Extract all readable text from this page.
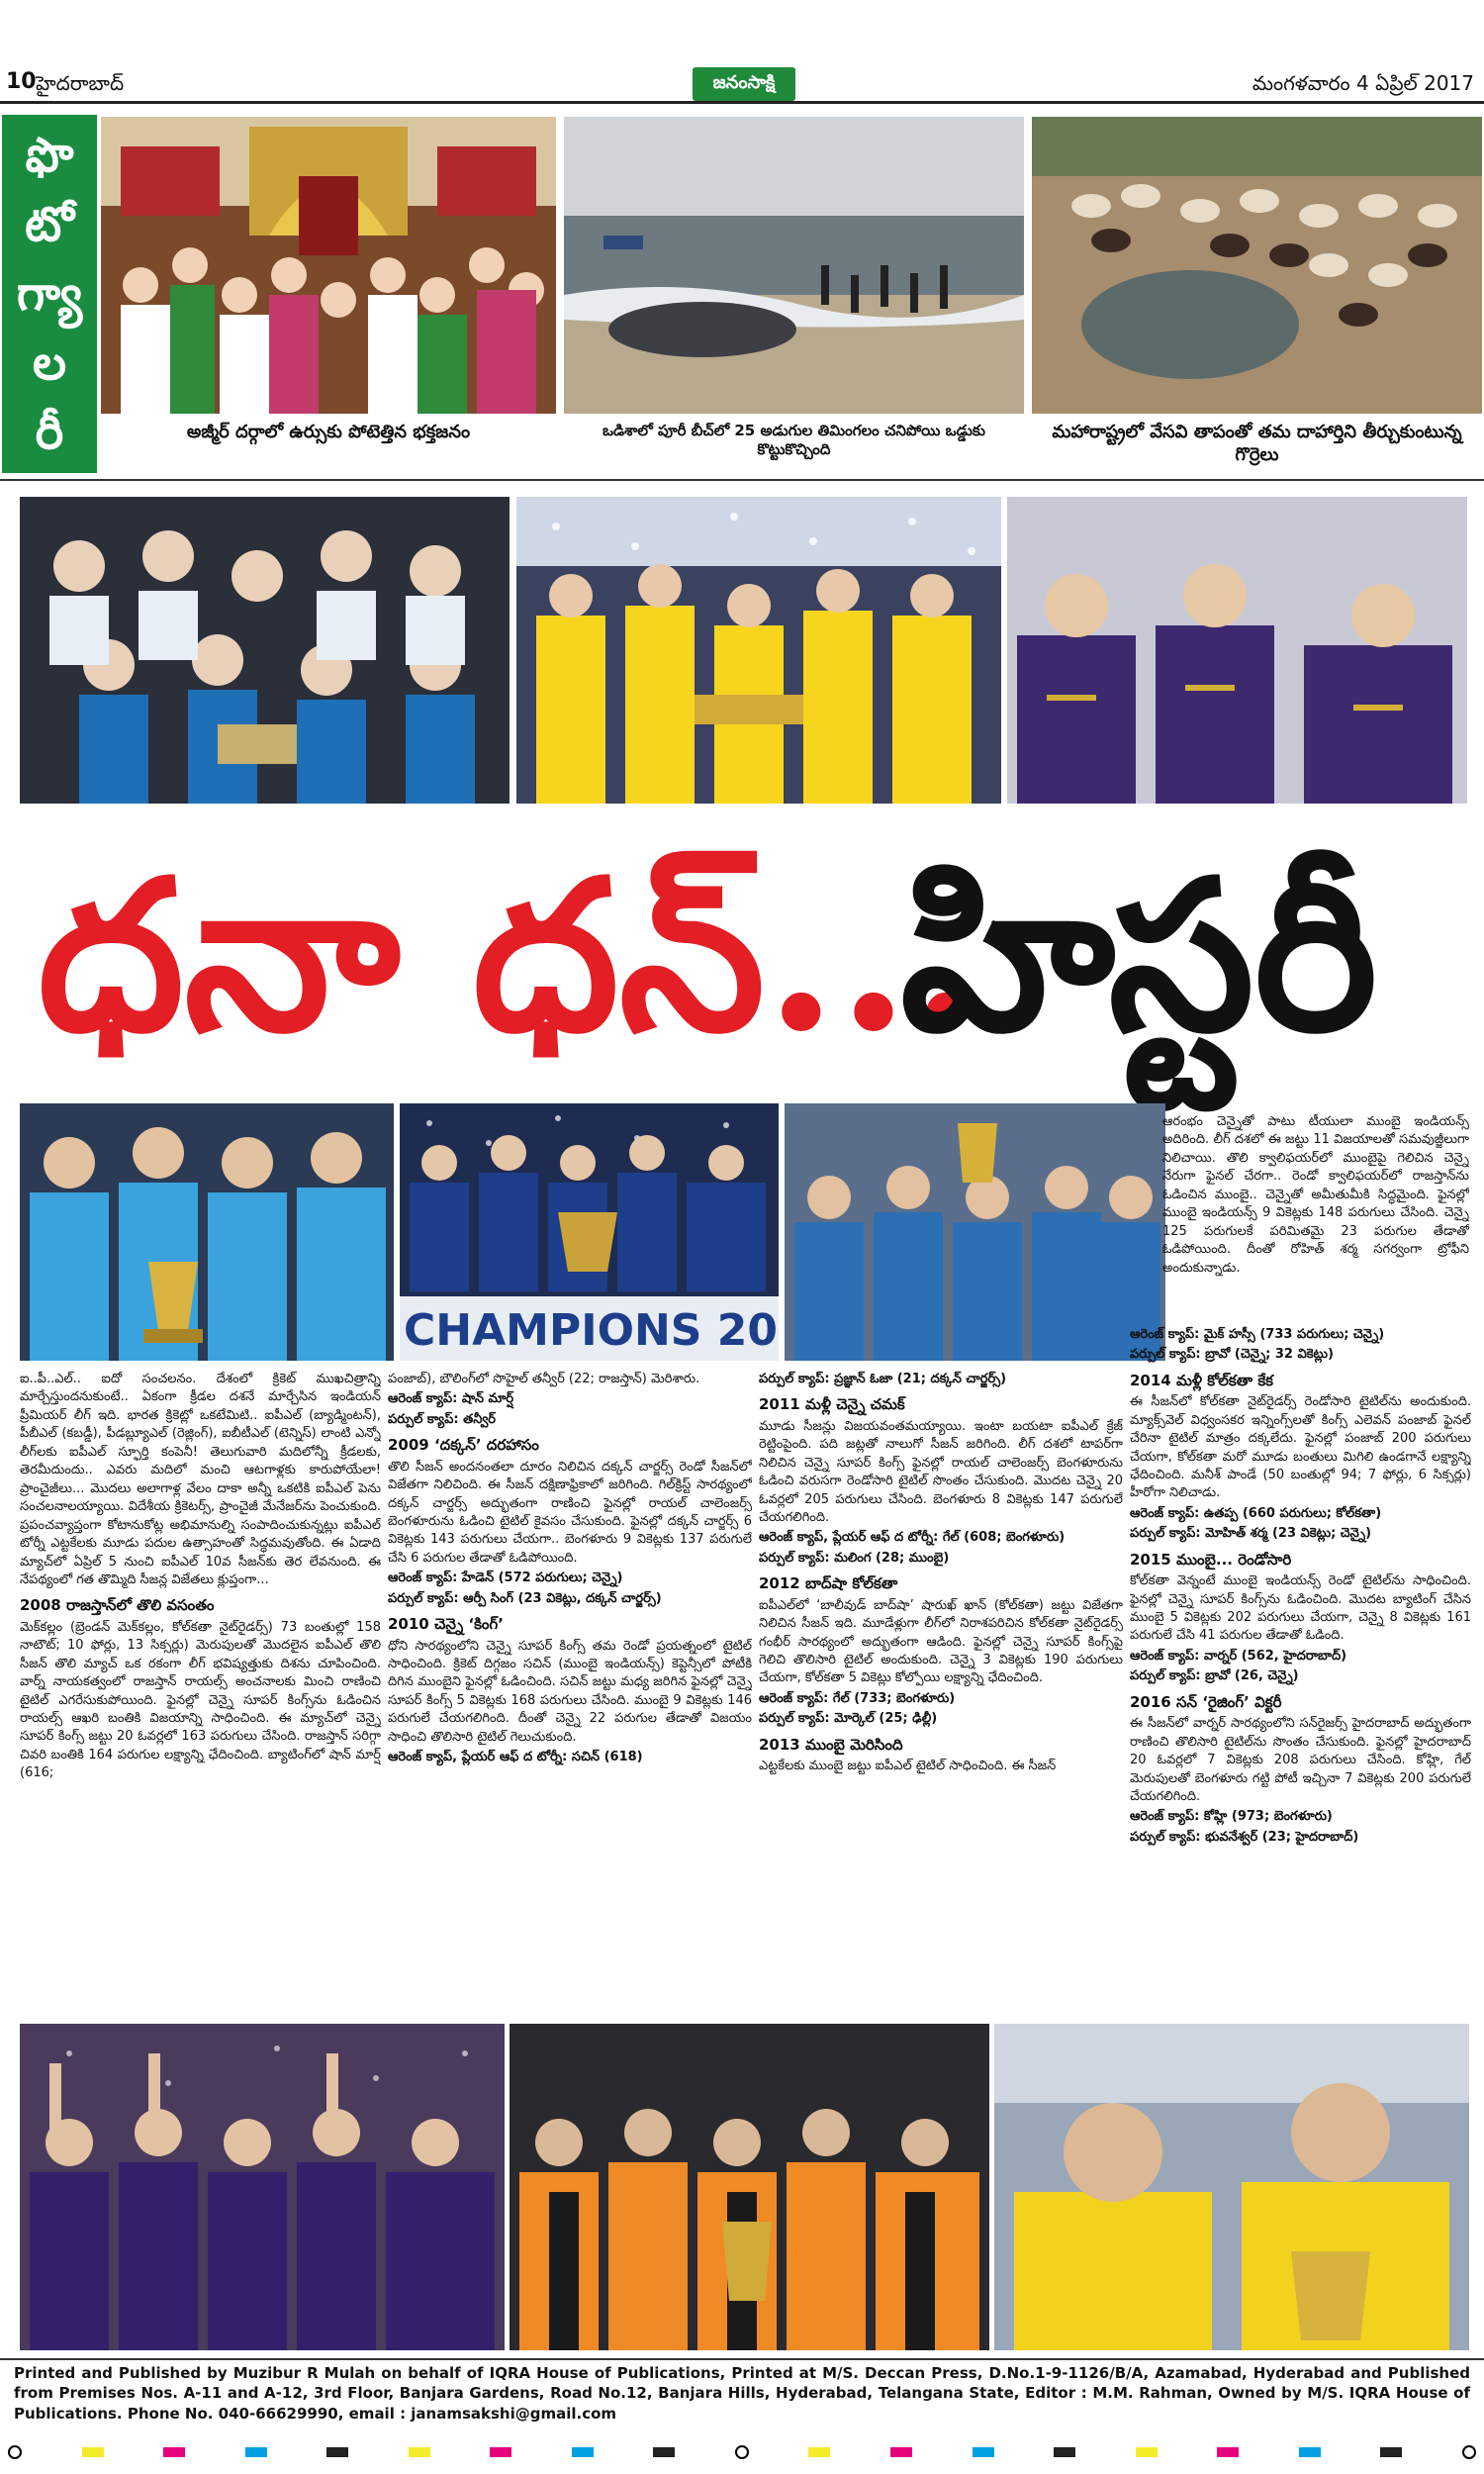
10 హైదరాబాద్	జనంసాక్షి	మంగళవారం 4 ఏప్రిల్ 2017
ఫొ
టో
గ్యా
ల
రీ	అజ్మీర్ దర్గాలో ఉర్సుకు పోటెత్తిన భక్తజనం	ఒడిశాలో పూరీ బీచ్‌లో 25 అడుగుల తిమింగలం చనిపోయి ఒడ్డుకు కొట్టుకొచ్చింది
మహారాష్ట్రలో వేసవి తాపంతో తమ దాహార్తిని తీర్చుకుంటున్న గొర్రెలు
ధనా ధన్...
హిస్టరీ
CHAMPIONS 20

ఐ..పీ..ఎల్.. ఐదో సంచలనం. దేశంలో క్రికెట్ ముఖచిత్రాన్ని మార్చేస్తుందనుకుంటే.. ఏకంగా క్రీడల దశనే మార్చేసిన ఇండియన్ ప్రీమియర్ లీగ్ ఇది. భారత క్రికెట్లో ఒకటేమిటి.. ఐపీఎల్ (బ్యాడ్మింటన్), పీబీఎల్ (కబడ్డీ), పీడబ్ల్యూఎల్ (రెజ్లింగ్), ఐబీటీఎల్ (టెన్నిస్) లాంటి ఎన్నో లీగ్‌లకు ఐపీఎల్ స్ఫూర్తి కంపెనీ! తెలుగువారి మదిలోన్నీ క్రీడలకు, తెరమీదుందు.. ఎవరు మదిలో మంచి ఆటగాళ్లకు కారుపోయేలా! ప్రాంచైజీలు... మొదలు అలాగాళ్ల వేలం దాకా అన్నీ ఒకటికి ఐపీఎల్ పెను సంచలనాలయ్యాయి. విదేశీయ క్రికెటర్స్, ప్రాంచైజీ మేనేజర్‌ను పెంచుకుంది. ప్రపంచవ్యాప్తంగా కోటానుకోట్ల అభిమానుల్ని సంపాదించుకున్నట్లు ఐపీఎల్ టోర్నీ ఎట్టకేలకు మూడు పదుల ఉత్సాహంతో సిద్ధమవుతోంది. ఈ ఏడాది మ్యాచ్‌లో ఏప్రిల్ 5 నుంచి ఐపీఎల్ 10వ సీజన్‌కు తెర లేవనుంది. ఈ నేపథ్యంలో గత తొమ్మిది సీజన్ల విజేతలు క్లుప్తంగా...

2008 రాజస్తాన్‌లో తొలి వసంతం

మెక్‌కల్లం (బ్రెండన్ మెక్‌కల్లం, కోల్‌కతా నైట్‌రైడర్స్) 73 బంతుల్లో 158 నాటౌట్; 10 ఫోర్లు, 13 సిక్సర్లు) మెరుపులతో మొదలైన ఐపీఎల్ తొలి సీజన్ తొలి మ్యాచ్ ఒక రకంగా లీగ్ భవిష్యత్తుకు దిశను చూపించింది. వార్న్ నాయకత్వంలో రాజస్తాన్ రాయల్స్ అంచనాలకు మించి రాణించి టైటిల్ ఎగరేసుకుపోయింది. ఫైనల్లో చెన్నై సూపర్ కింగ్స్‌ను ఓడించిన రాయల్స్ ఆఖరి బంతికి విజయాన్ని సాధించింది. ఈ మ్యాచ్‌లో చెన్నై సూపర్ కింగ్స్ జట్టు 20 ఓవర్లలో 163 పరుగులు చేసింది. రాజస్తాన్ సరిగ్గా చివరి బంతికి 164 పరుగుల లక్ష్యాన్ని ఛేదించింది. బ్యాటింగ్‌లో షాన్ మార్ష్ (616;

పంజాబ్), బౌలింగ్‌లో సొహైల్ తన్వీర్ (22; రాజస్తాన్) మెరిశారు.

ఆరెంజ్ క్యాప్: షాన్ మార్ష్

పర్పుల్ క్యాప్: తన్వీర్

2009 ‘దక్కన్’ దరహాసం

తొలి సీజన్ అందనంతలా దూరం నిలిచిన దక్కన్ చార్జర్స్ రెండో సీజన్‌లో విజేతగా నిలిచింది. ఈ సీజన్ దక్షిణాఫ్రికాలో జరిగింది. గిల్‌క్రిస్ట్ సారథ్యంలో దక్కన్ చార్జర్స్ అద్భుతంగా రాణించి ఫైనల్లో రాయల్ చాలెంజర్స్ బెంగళూరును ఓడించి టైటిల్ కైవసం చేసుకుంది. ఫైనల్లో దక్కన్ చార్జర్స్ 6 వికెట్లకు 143 పరుగులు చేయగా.. బెంగళూరు 9 వికెట్లకు 137 పరుగులే చేసి 6 పరుగుల తేడాతో ఓడిపోయింది.

ఆరెంజ్ క్యాప్: హేడెన్ (572 పరుగులు; చెన్నై)

పర్పుల్ క్యాప్: ఆర్పీ సింగ్ (23 వికెట్లు, దక్కన్ చార్జర్స్)

2010 చెన్నై ‘కింగ్’

ధోని సారథ్యంలోని చెన్నై సూపర్ కింగ్స్ తమ రెండో ప్రయత్నంలో టైటిల్ సాధించింది. క్రికెట్ దిగ్గజం సచిన్ (ముంబై ఇండియన్స్) కెప్టెన్సీలో పోటీకి దిగిన ముంబైని ఫైనల్లో ఓడించింది. సచిన్ జట్టు మధ్య జరిగిన ఫైనల్లో చెన్నై సూపర్ కింగ్స్ 5 వికెట్లకు 168 పరుగులు చేసింది. ముంబై 9 వికెట్లకు 146 పరుగులే చేయగలిగింది. దీంతో చెన్నై 22 పరుగుల తేడాతో విజయం సాధించి తొలిసారి టైటిల్ గెలుచుకుంది.

ఆరెంజ్ క్యాప్, ప్లేయర్ ఆఫ్ ద టోర్నీ: సచిన్ (618)

పర్పుల్ క్యాప్: ప్రజ్ఞాన్ ఓజా (21; దక్కన్ చార్జర్స్)

2011 మళ్లీ చెన్నై చమక్

మూడు సీజన్లు విజయవంతమయ్యాయి. ఇంటా బయటా ఐపీఎల్ క్రేజ్ రెట్టింపైంది. పది జట్లతో నాలుగో సీజన్ జరిగింది. లీగ్ దశలో టాపర్‌గా నిలిచిన చెన్నై సూపర్ కింగ్స్ ఫైనల్లో రాయల్ చాలెంజర్స్ బెంగళూరును ఓడించి వరుసగా రెండోసారి టైటిల్ సొంతం చేసుకుంది. మొదట చెన్నై 20 ఓవర్లలో 205 పరుగులు చేసింది. బెంగళూరు 8 వికెట్లకు 147 పరుగులే చేయగలిగింది.

ఆరెంజ్ క్యాప్, ప్లేయర్ ఆఫ్ ద టోర్నీ: గేల్ (608; బెంగళూరు)

పర్పుల్ క్యాప్: మలింగ (28; ముంబై)

2012 బాద్‌షా కోల్‌కతా

ఐపీఎల్‌లో ‘బాలీవుడ్ బాద్‌షా’ షారుఖ్ ఖాన్ (కోల్‌కతా) జట్టు విజేతగా నిలిచిన సీజన్ ఇది. మూడేళ్లుగా లీగ్‌లో నిరాశపరిచిన కోల్‌కతా నైట్‌రైడర్స్ గంభీర్ సారథ్యంలో అద్భుతంగా ఆడింది. ఫైనల్లో చెన్నై సూపర్ కింగ్స్‌పై గెలిచి తొలిసారి టైటిల్ అందుకుంది. చెన్నై 3 వికెట్లకు 190 పరుగులు చేయగా, కోల్‌కతా 5 వికెట్లు కోల్పోయి లక్ష్యాన్ని ఛేదించింది.

ఆరెంజ్ క్యాప్: గేల్ (733; బెంగళూరు)

పర్పుల్ క్యాప్: మోర్కెల్ (25; ఢిల్లీ)

2013 ముంబై మెరిసింది

ఎట్టకేలకు ముంబై జట్టు ఐపీఎల్ టైటిల్ సాధించింది. ఈ సీజన్

ఆరంభం చెన్నైతో పాటు టీయులా ముంబై ఇండియన్స్ అదిరింది. లీగ్ దశలో ఈ జట్టు 11 విజయాలతో సమవుజ్జీలుగా నిలిచాయి. తొలి క్వాలిఫయర్‌లో ముంబైపై గెలిచిన చెన్నై నేరుగా ఫైనల్ చేరగా.. రెండో క్వాలిఫయర్‌లో రాజస్తాన్‌ను ఓడించిన ముంబై.. చెన్నైతో అమీతుమీకి సిద్ధమైంది. ఫైనల్లో ముంబై ఇండియన్స్ 9 వికెట్లకు 148 పరుగులు చేసింది. చెన్నై 125 పరుగులకే పరిమితమై 23 పరుగుల తేడాతో ఓడిపోయింది. దీంతో రోహిత్ శర్మ సగర్వంగా ట్రోఫీని అందుకున్నాడు.

ఆరెంజ్ క్యాప్: మైక్ హస్సీ (733 పరుగులు; చెన్నై)

పర్పుల్ క్యాప్: బ్రావో (చెన్నై; 32 వికెట్లు)

2014 మళ్లీ కోల్‌కతా కేక

ఈ సీజన్‌లో కోల్‌కతా నైట్‌రైడర్స్ రెండోసారి టైటిల్‌ను అందుకుంది. మ్యాక్స్‌వెల్ విధ్వంసకర ఇన్నింగ్స్‌లతో కింగ్స్ ఎలెవన్ పంజాబ్ ఫైనల్ చేరినా టైటిల్ మాత్రం దక్కలేదు. ఫైనల్లో పంజాబ్ 200 పరుగులు చేయగా, కోల్‌కతా మరో మూడు బంతులు మిగిలి ఉండగానే లక్ష్యాన్ని ఛేదించింది. మనీశ్ పాండే (50 బంతుల్లో 94; 7 ఫోర్లు, 6 సిక్సర్లు) హీరోగా నిలిచాడు.

ఆరెంజ్ క్యాప్: ఉతప్ప (660 పరుగులు; కోల్‌కతా)

పర్పుల్ క్యాప్: మోహిత్ శర్మ (23 వికెట్లు; చెన్నై)

2015 ముంబై... రెండోసారి

కోల్‌కతా వెన్నంటే ముంబై ఇండియన్స్ రెండో టైటిల్‌ను సాధించింది. ఫైనల్లో చెన్నై సూపర్ కింగ్స్‌ను ఓడించింది. మొదట బ్యాటింగ్ చేసిన ముంబై 5 వికెట్లకు 202 పరుగులు చేయగా, చెన్నై 8 వికెట్లకు 161 పరుగులే చేసి 41 పరుగుల తేడాతో ఓడింది.

ఆరెంజ్ క్యాప్: వార్నర్ (562, హైదరాబాద్)

పర్పుల్ క్యాప్: బ్రావో (26, చెన్నై)

2016 సన్ ‘రైజింగ్’ విక్టరీ

ఈ సీజన్‌లో వార్నర్ సారథ్యంలోని సన్‌రైజర్స్ హైదరాబాద్ అద్భుతంగా రాణించి తొలిసారి టైటిల్‌ను సొంతం చేసుకుంది. ఫైనల్లో హైదరాబాద్ 20 ఓవర్లలో 7 వికెట్లకు 208 పరుగులు చేసింది. కోహ్లి, గేల్ మెరుపులతో బెంగళూరు గట్టి పోటీ ఇచ్చినా 7 వికెట్లకు 200 పరుగులే చేయగలిగింది.

ఆరెంజ్ క్యాప్: కోహ్లి (973; బెంగళూరు)

పర్పుల్ క్యాప్: భువనేశ్వర్ (23; హైదరాబాద్)

Printed and Published by Muzibur R Mulah on behalf of IQRA House of Publications, Printed at M/S. Deccan Press, D.No.1-9-1126/B/A, Azamabad, Hyderabad and Published from Premises Nos. A-11 and A-12, 3rd Floor, Banjara Gardens, Road No.12, Banjara Hills, Hyderabad, Telangana State, Editor : M.M. Rahman, Owned by M/S. IQRA House of Publications. Phone No. 040-66629990, email : janamsakshi@gmail.com
